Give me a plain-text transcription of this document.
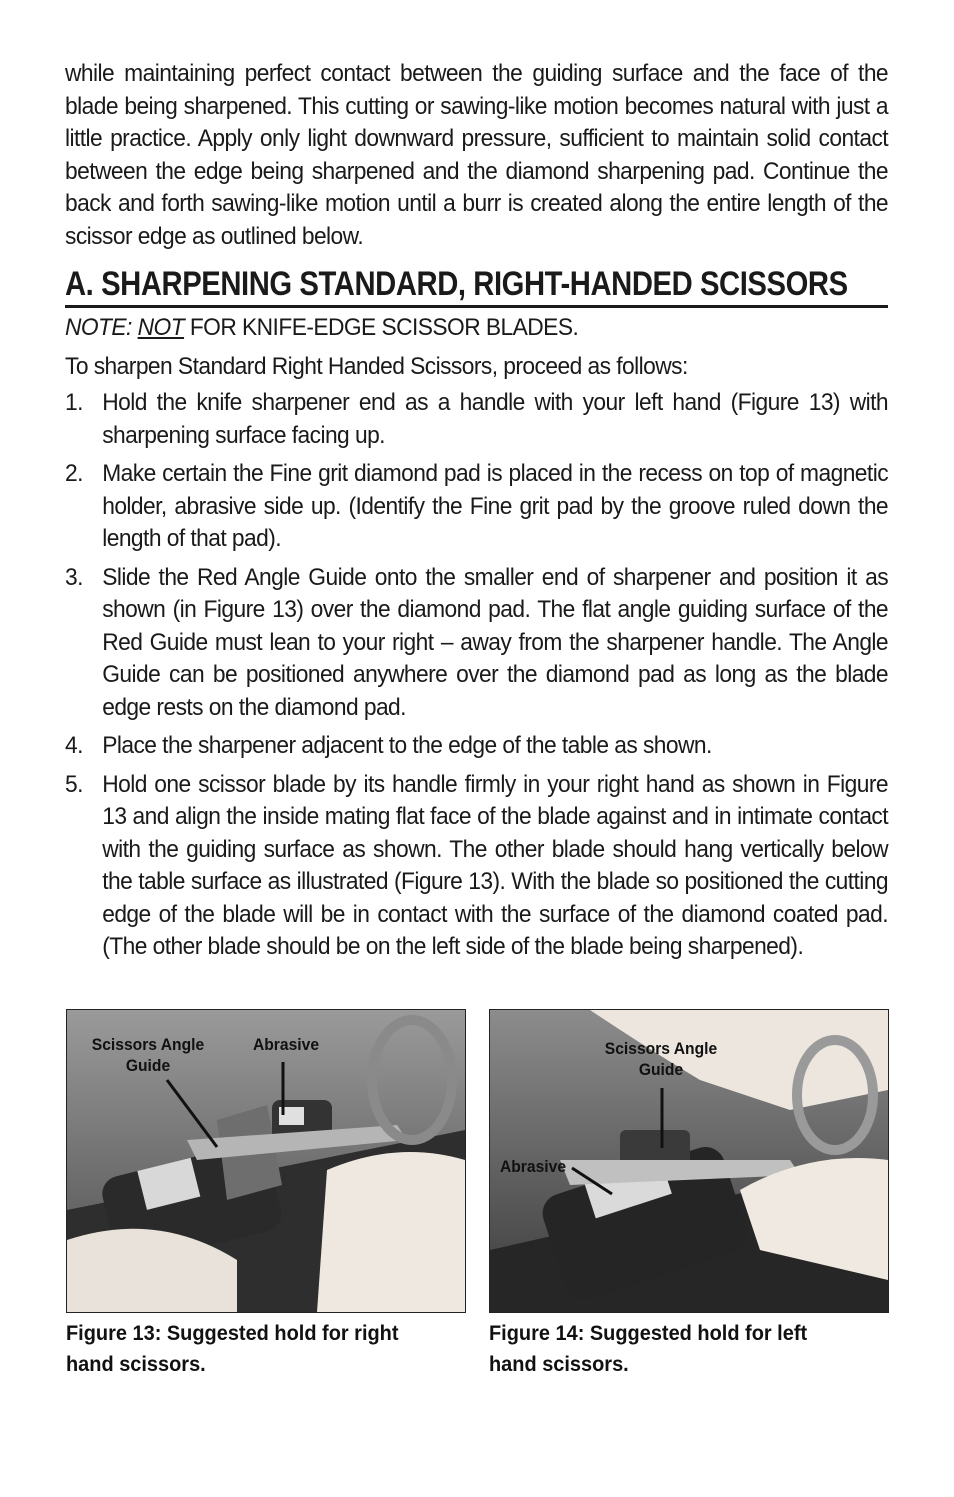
while maintaining perfect contact between the guiding surface and the face of the blade being sharpened. This cutting or sawing-like motion becomes natural with just a little practice. Apply only light downward pressure, sufficient to maintain solid contact between the edge being sharpened and the diamond sharpening pad. Continue the back and forth sawing-like motion until a burr is created along the entire length of the scissor edge as outlined below.

A. SHARPENING STANDARD, RIGHT-HANDED SCISSORS

NOTE: NOT FOR KNIFE-EDGE SCISSOR BLADES.

To sharpen Standard Right Handed Scissors, proceed as follows:

1. Hold the knife sharpener end as a handle with your left hand (Figure 13) with sharpening surface facing up.
2. Make certain the Fine grit diamond pad is placed in the recess on top of magnetic holder, abrasive side up. (Identify the Fine grit pad by the groove ruled down the length of that pad).
3. Slide the Red Angle Guide onto the smaller end of sharpener and position it as shown (in Figure 13) over the diamond pad. The flat angle guiding surface of the Red Guide must lean to your right – away from the sharpener handle. The Angle Guide can be positioned anywhere over the diamond pad as long as the blade edge rests on the diamond pad.
4. Place the sharpener adjacent to the edge of the table as shown.
5. Hold one scissor blade by its handle firmly in your right hand as shown in Figure 13 and align the inside mating flat face of the blade against and in intimate contact with the guiding surface as shown. The other blade should hang vertically below the table surface as illustrated (Figure 13). With the blade so positioned the cutting edge of the blade will be in contact with the surface of the diamond coated pad. (The other blade should be on the left side of the blade being sharpened).
Scissors Angle
Guide
Abrasive	Scissors Angle
Guide
Abrasive
Figure 13: Suggested hold for right hand scissors.
Figure 14: Suggested hold for left hand scissors.
